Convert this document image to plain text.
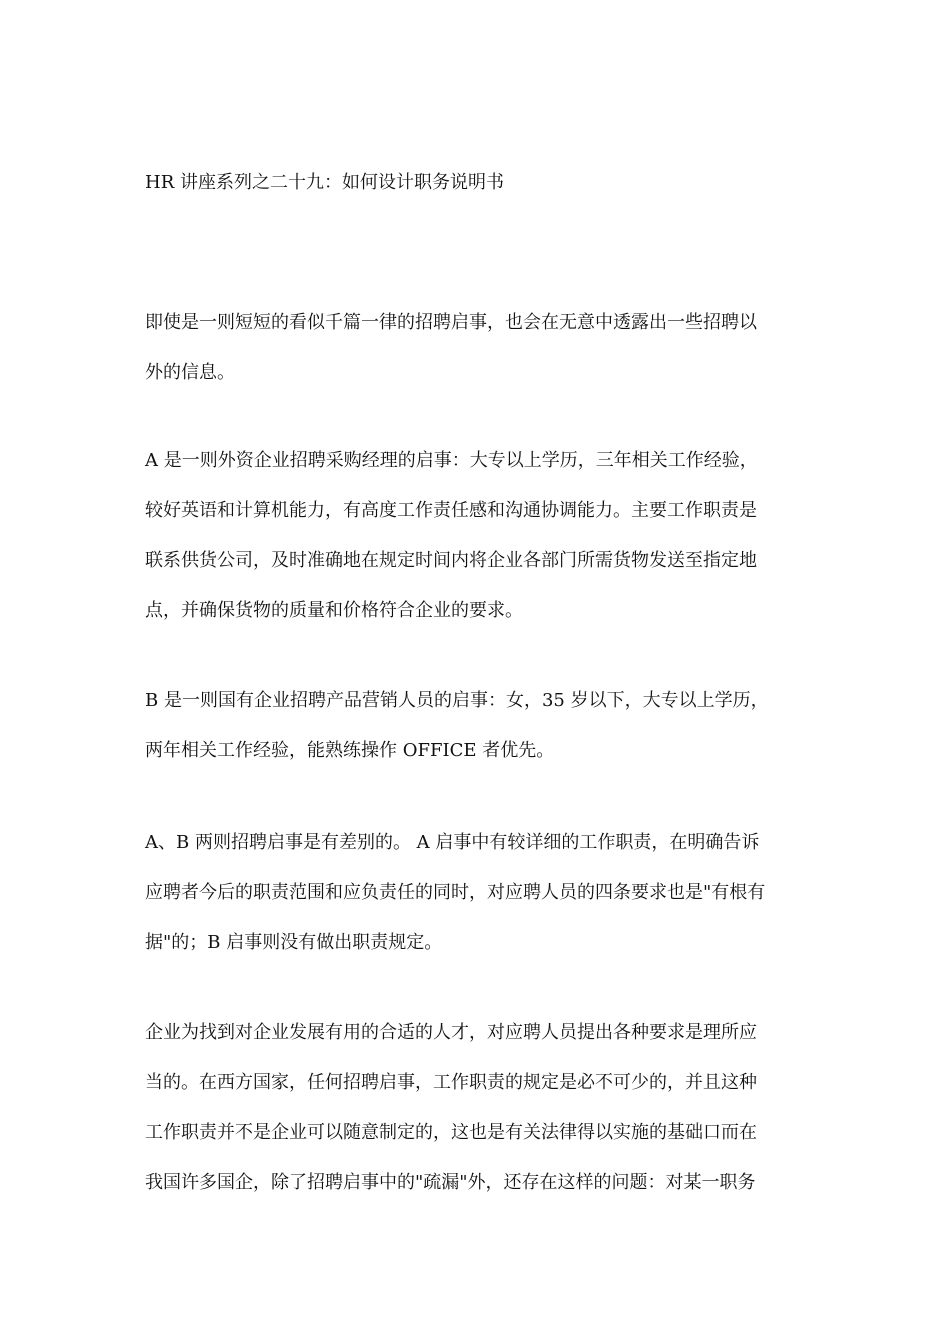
HR 讲座系列之二十九：如何设计职务说明书
即使是一则短短的看似千篇一律的招聘启事，也会在无意中透露出一些招聘以
外的信息。
A 是一则外资企业招聘采购经理的启事：大专以上学历，三年相关工作经验，
较好英语和计算机能力，有高度工作责任感和沟通协调能力。主要工作职责是
联系供货公司，及时准确地在规定时间内将企业各部门所需货物发送至指定地
点，并确保货物的质量和价格符合企业的要求。
B 是一则国有企业招聘产品营销人员的启事：女，35 岁以下，大专以上学历，
两年相关工作经验，能熟练操作 OFFICE 者优先。
A、B 两则招聘启事是有差别的。 A 启事中有较详细的工作职责，在明确告诉
应聘者今后的职责范围和应负责任的同时，对应聘人员的四条要求也是"有根有
据"的；B 启事则没有做出职责规定。
企业为找到对企业发展有用的合适的人才，对应聘人员提出各种要求是理所应
当的。在西方国家，任何招聘启事，工作职责的规定是必不可少的，并且这种
工作职责并不是企业可以随意制定的，这也是有关法律得以实施的基础口而在
我国许多国企，除了招聘启事中的"疏漏"外，还存在这样的问题：对某一职务
